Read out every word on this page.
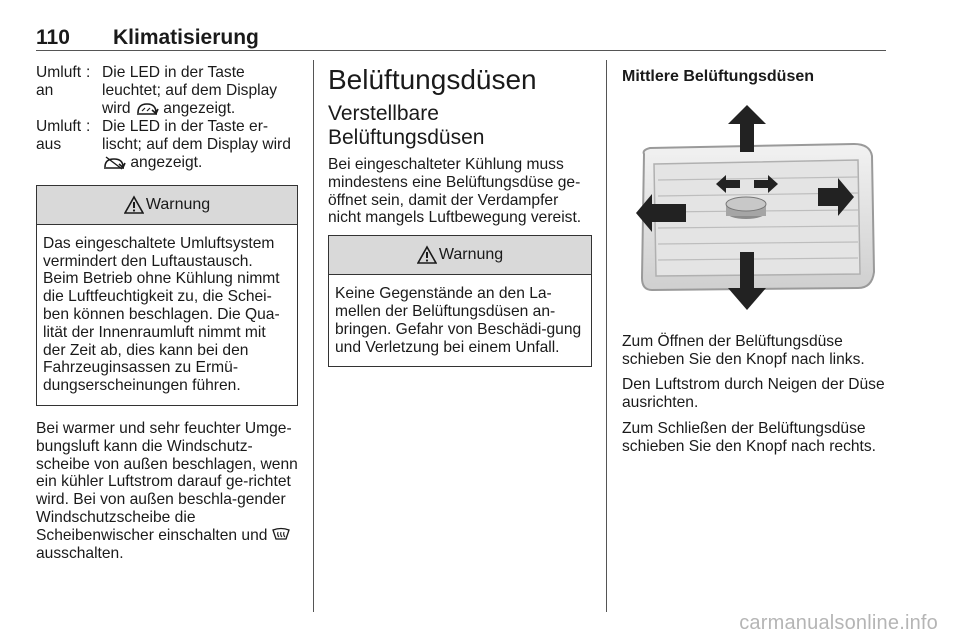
110 Klimatisierung
Umluft an
: Die LED in der Taste leuchtet; auf dem Display wird angezeigt.
Umluft aus
: Die LED in der Taste er-lischt; auf dem Display wird  angezeigt.
Warnung
Das eingeschaltete Umluftsystem vermindert den Luftaustausch. Beim Betrieb ohne Kühlung nimmt die Luftfeuchtigkeit zu, die Schei-ben können beschlagen. Die Qua-lität der Innenraumluft nimmt mit der Zeit ab, dies kann bei den Fahrzeuginsassen zu Ermü-dungserscheinungen führen.

Bei warmer und sehr feuchter Umge-bungsluft kann die Windschutz-scheibe von außen beschlagen, wenn ein kühler Luftstrom darauf ge-richtet wird. Bei von außen beschla-gender Windschutzscheibe die Scheibenwischer einschalten und  ausschalten.

Belüftungsdüsen
Verstellbare Belüftungsdüsen

Bei eingeschalteter Kühlung muss mindestens eine Belüftungsdüse ge-öffnet sein, damit der Verdampfer nicht mangels Luftbewegung vereist.

Warnung
Keine Gegenstände an den La-mellen der Belüftungsdüsen an-bringen. Gefahr von Beschädi-gung und Verletzung bei einem Unfall.
Mittlere Belüftungsdüsen

Zum Öffnen der Belüftungsdüse schieben Sie den Knopf nach links.

Den Luftstrom durch Neigen der Düse ausrichten.

Zum Schließen der Belüftungsdüse schieben Sie den Knopf nach rechts.

carmanualsonline.info
